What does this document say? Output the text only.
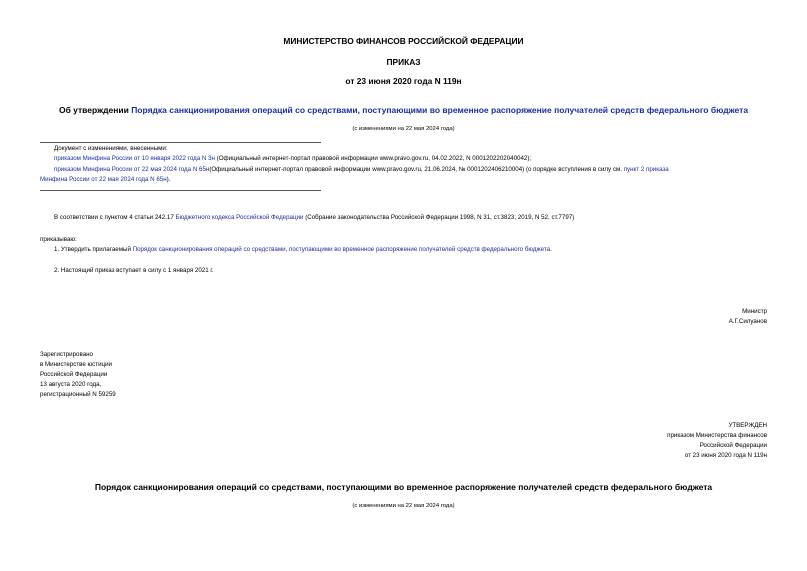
МИНИСТЕРСТВО ФИНАНСОВ РОССИЙСКОЙ ФЕДЕРАЦИИ
ПРИКАЗ
от 23 июня 2020 года N 119н
Об утверждении Порядка санкционирования операций со средствами, поступающими во временное распоряжение получателей средств федерального бюджета
(с изменениями на 22 мая 2024 года)
Документ с изменениями, внесенными:
приказом Минфина России от 10 января 2022 года N 3н (Официальный интернет-портал правовой информации www.pravo.gov.ru, 04.02.2022, N 0001202202040042);
приказом Минфина России от 22 мая 2024 года N 65н(Официальный интернет-портал правовой информации www.pravo.gov.ru, 21.06.2024, № 0001202406210004) (о порядке вступления в силу см. пункт 2 приказа
Минфина России от 22 мая 2024 года N 65н).
В соответствии с пунктом 4 статьи 242.17 Бюджетного кодекса Российской Федерации (Собрание законодательства Российской Федерации 1998, N 31, ст.3823; 2019, N 52, ст.7797)
приказываю:
1. Утвердить прилагаемый Порядок санкционирования операций со средствами, поступающими во временное распоряжение получателей средств федерального бюджета.
2. Настоящий приказ вступает в силу с 1 января 2021 г.
Министр
А.Г.Силуанов
Зарегистрировано
в Министерстве юстиции
Российской Федерации
13 августа 2020 года,
регистрационный N 59259
УТВЕРЖДЕН
приказом Министерства финансов
Российской Федерации
от 23 июня 2020 года N 119н
Порядок санкционирования операций со средствами, поступающими во временное распоряжение получателей средств федерального бюджета
(с изменениями на 22 мая 2024 года)
